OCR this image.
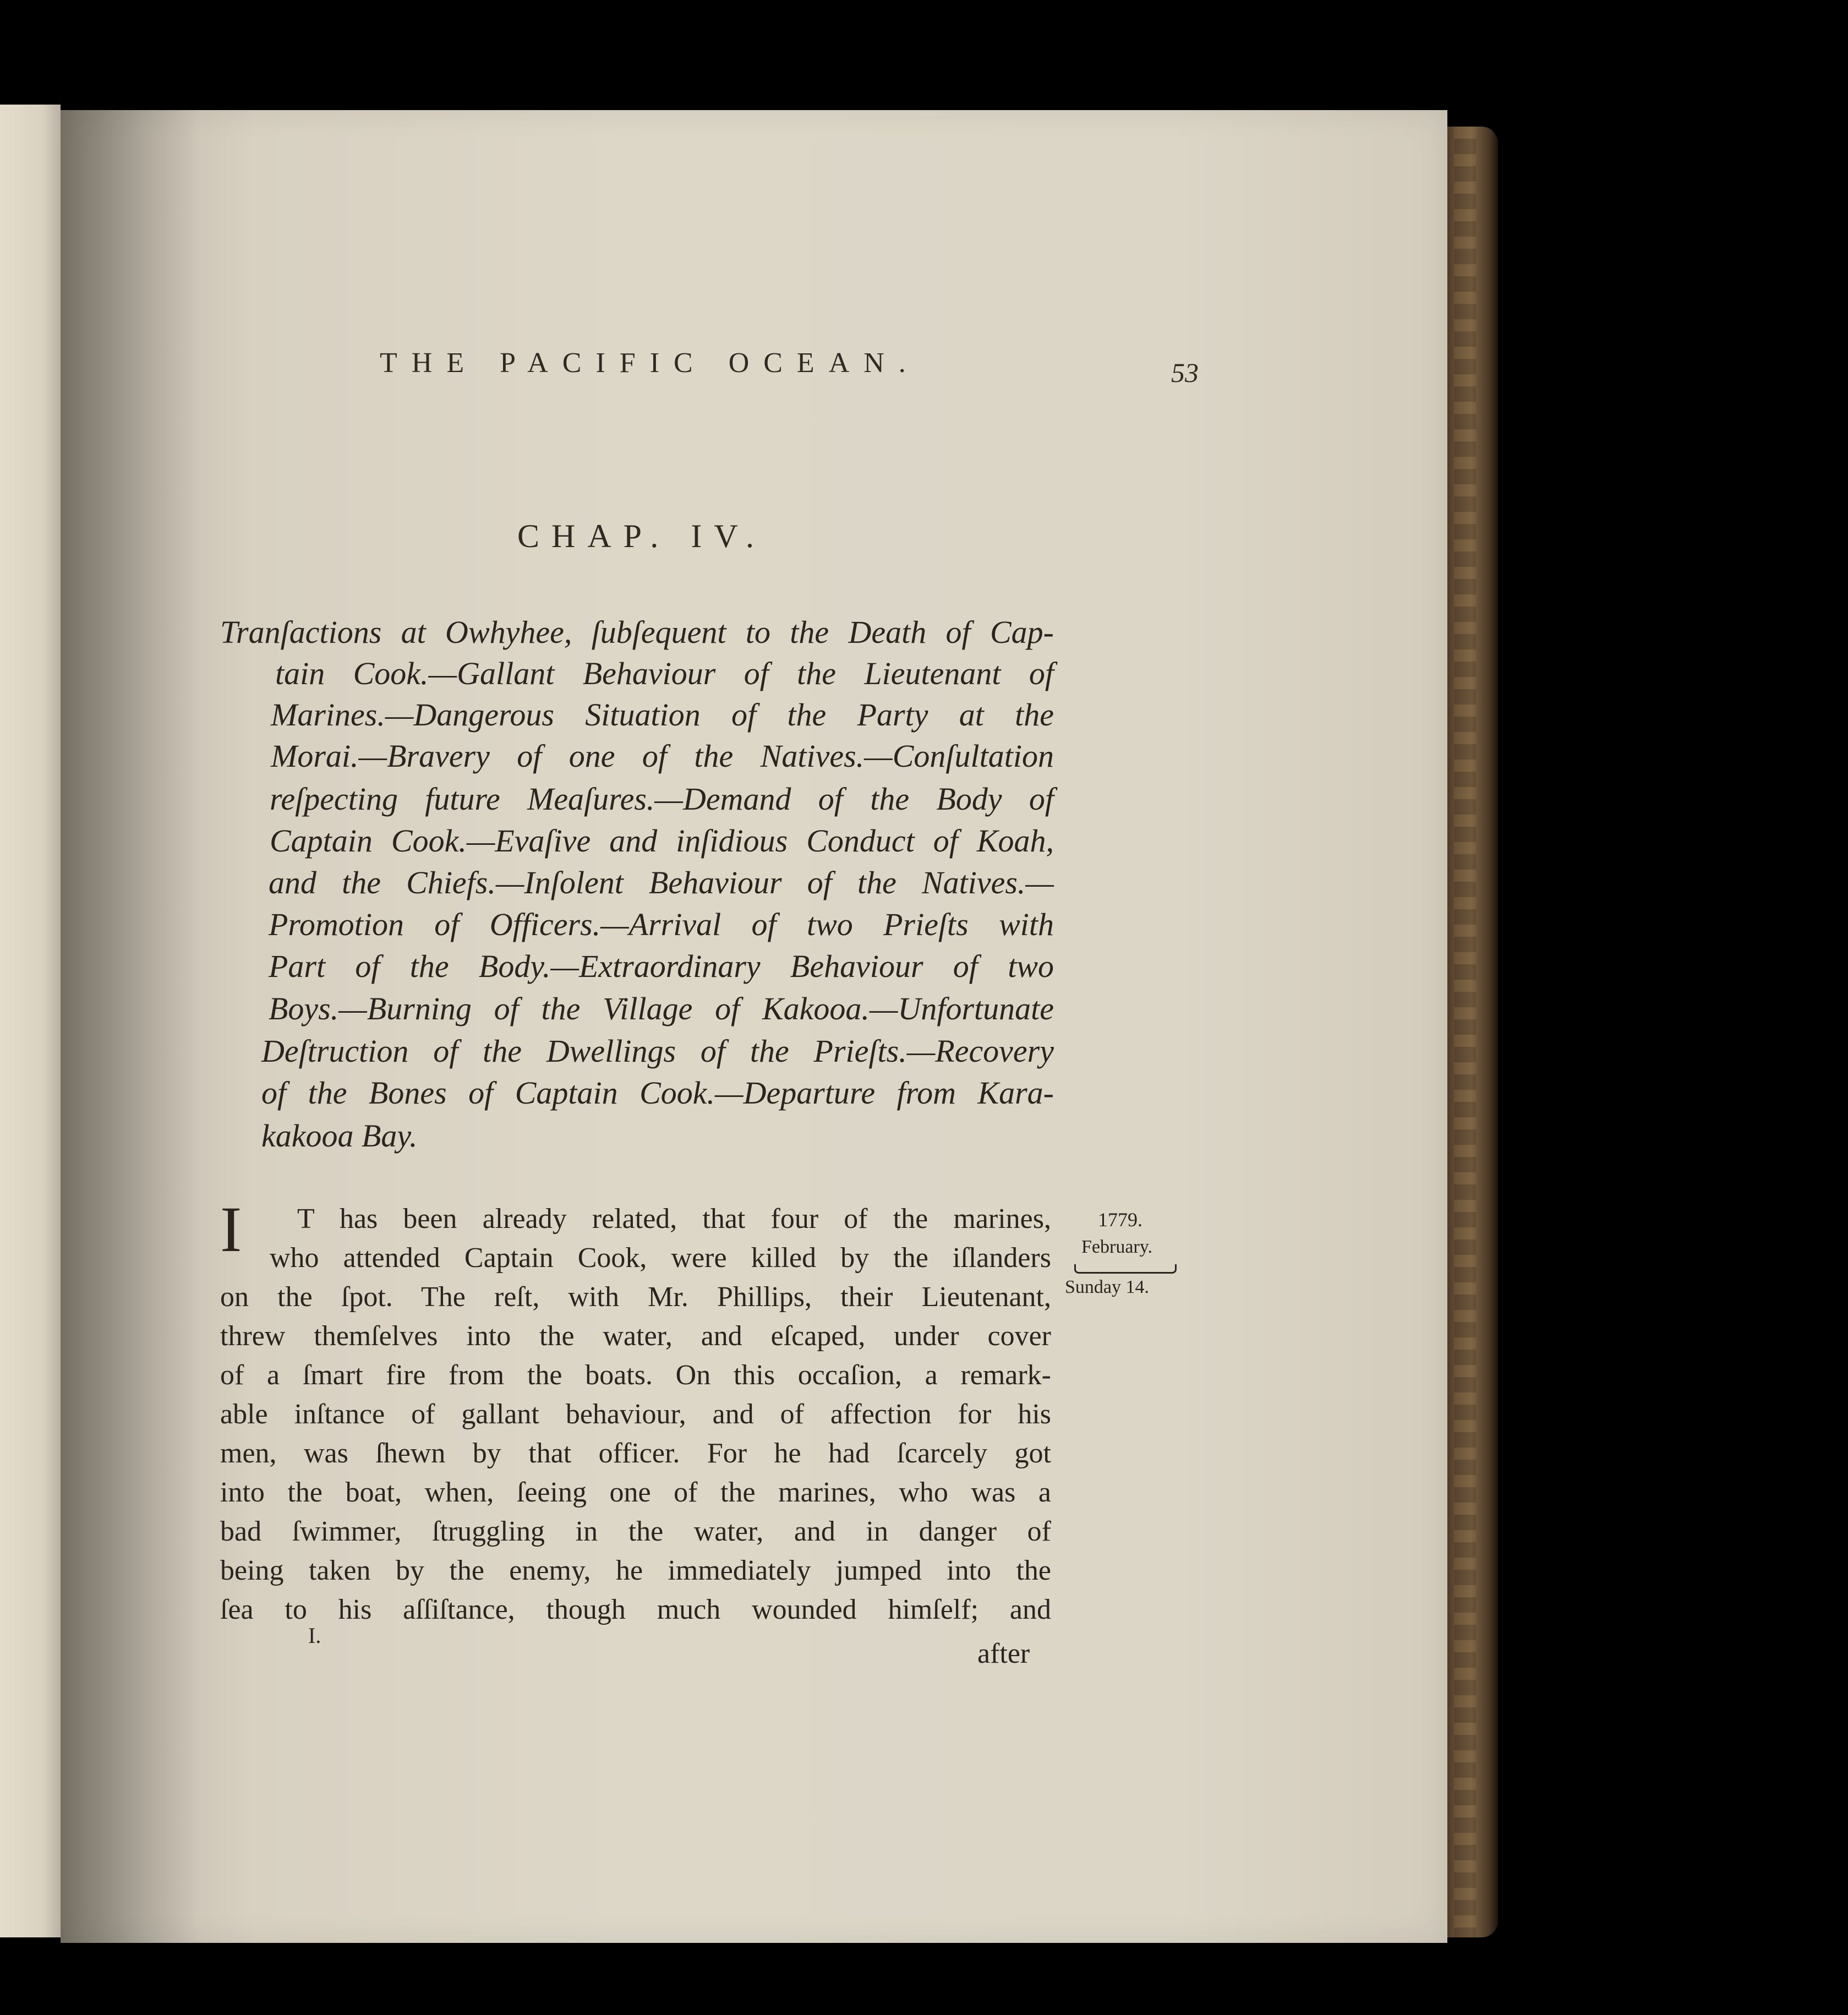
THE PACIFIC OCEAN.	53
CHAP. IV.
Tranſactions at Owhyhee, ſubſequent to the Death of Cap-
tain Cook.—Gallant Behaviour of the Lieutenant of
Marines.—Dangerous Situation of the Party at the
Morai.—Bravery of one of the Natives.—Conſultation
reſpecting future Meaſures.—Demand of the Body of
Captain Cook.—Evaſive and inſidious Conduct of Koah,
and the Chiefs.—Inſolent Behaviour of the Natives.—
Promotion of Officers.—Arrival of two Prieſts with
Part of the Body.—Extraordinary Behaviour of two
Boys.—Burning of the Village of Kakooa.—Unfortunate
Deſtruction of the Dwellings of the Prieſts.—Recovery
of the Bones of Captain Cook.—Departure from Kara-
kakooa Bay.
I T has been already related, that four of the marines,
who attended Captain Cook, were killed by the iſlanders
on the ſpot. The reſt, with Mr. Phillips, their Lieutenant,
threw themſelves into the water, and eſcaped, under cover
of a ſmart fire from the boats. On this occaſion, a remark-
able inſtance of gallant behaviour, and of affection for his
men, was ſhewn by that officer. For he had ſcarcely got
into the boat, when, ſeeing one of the marines, who was a
bad ſwimmer, ſtruggling in the water, and in danger of
being taken by the enemy, he immediately jumped into the
ſea to his aſſiſtance, though much wounded himſelf; and
1779.
February.
Sunday 14.
I.
after
